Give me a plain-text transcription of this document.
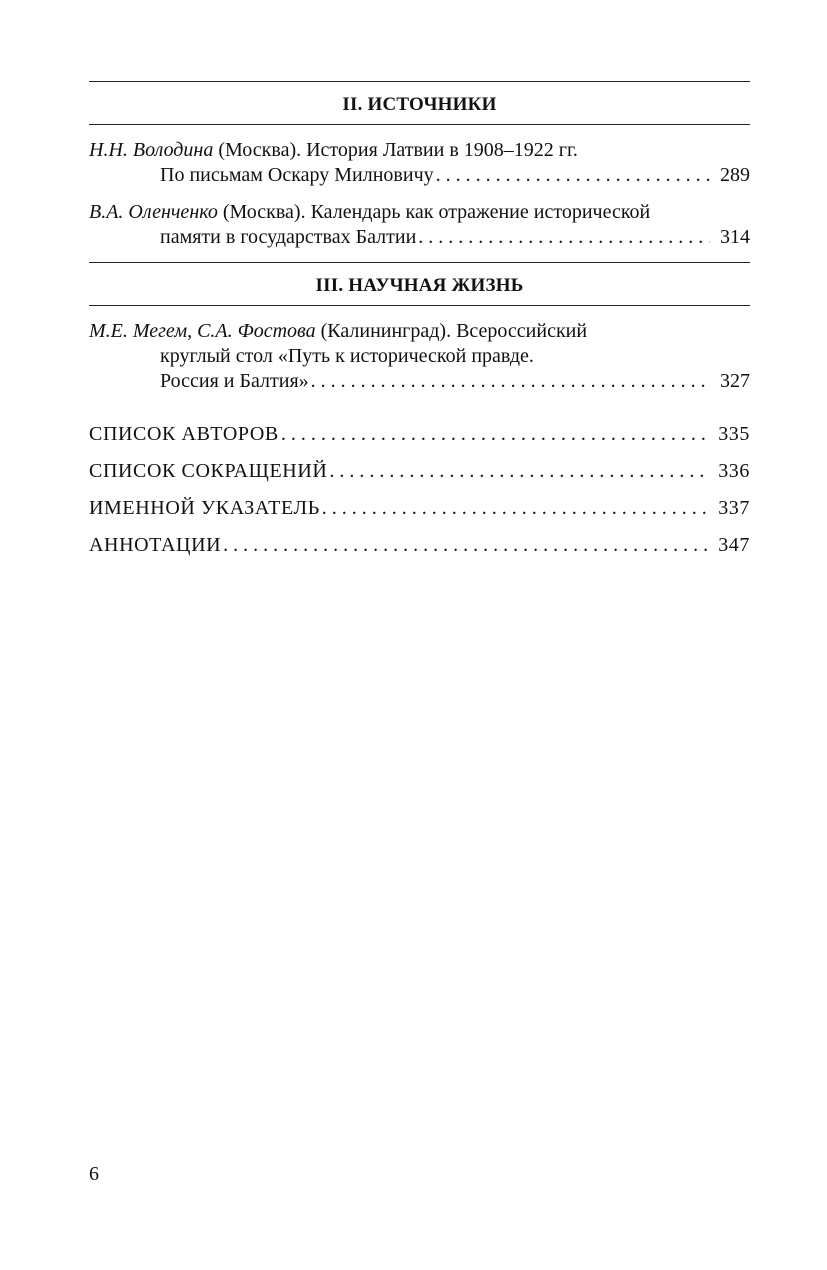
II. ИСТОЧНИКИ
Н.Н. Володина (Москва). История Латвии в 1908–1922 гг.
По письмам Оскару Милновичу . . .	289
В.А. Оленченко (Москва). Календарь как отражение исторической
памяти в государствах Балтии . . .	314
III. НАУЧНАЯ ЖИЗНЬ
М.Е. Мегем, С.А. Фостова (Калининград). Всероссийский
круглый стол «Путь к исторической правде.
Россия и Балтия» . . .	327
СПИСОК АВТОРОВ . . .	335
СПИСОК СОКРАЩЕНИЙ . . .	336
ИМЕННОЙ УКАЗАТЕЛЬ . . .	337
АННОТАЦИИ . . .	347
6
